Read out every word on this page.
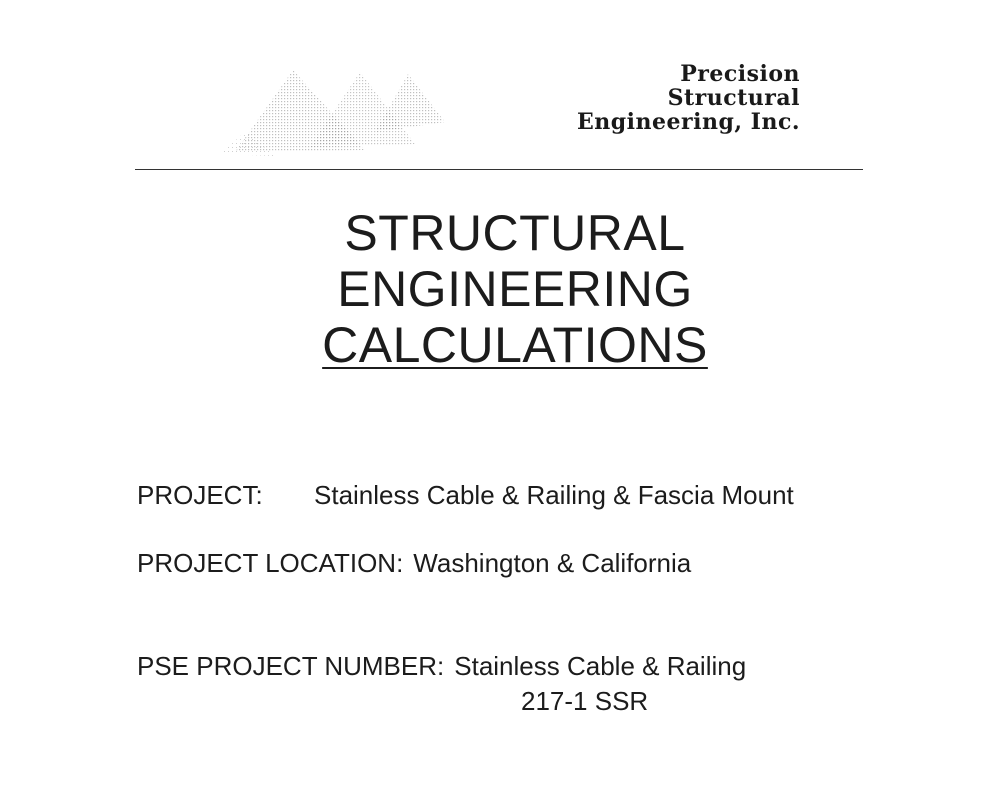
Precision
Structural
Engineering, Inc.
STRUCTURAL
ENGINEERING
CALCULATIONS
PROJECT: Stainless Cable & Railing & Fascia Mount
PROJECT LOCATION: Washington & California
PSE PROJECT NUMBER: Stainless Cable & Railing
217-1 SSR
